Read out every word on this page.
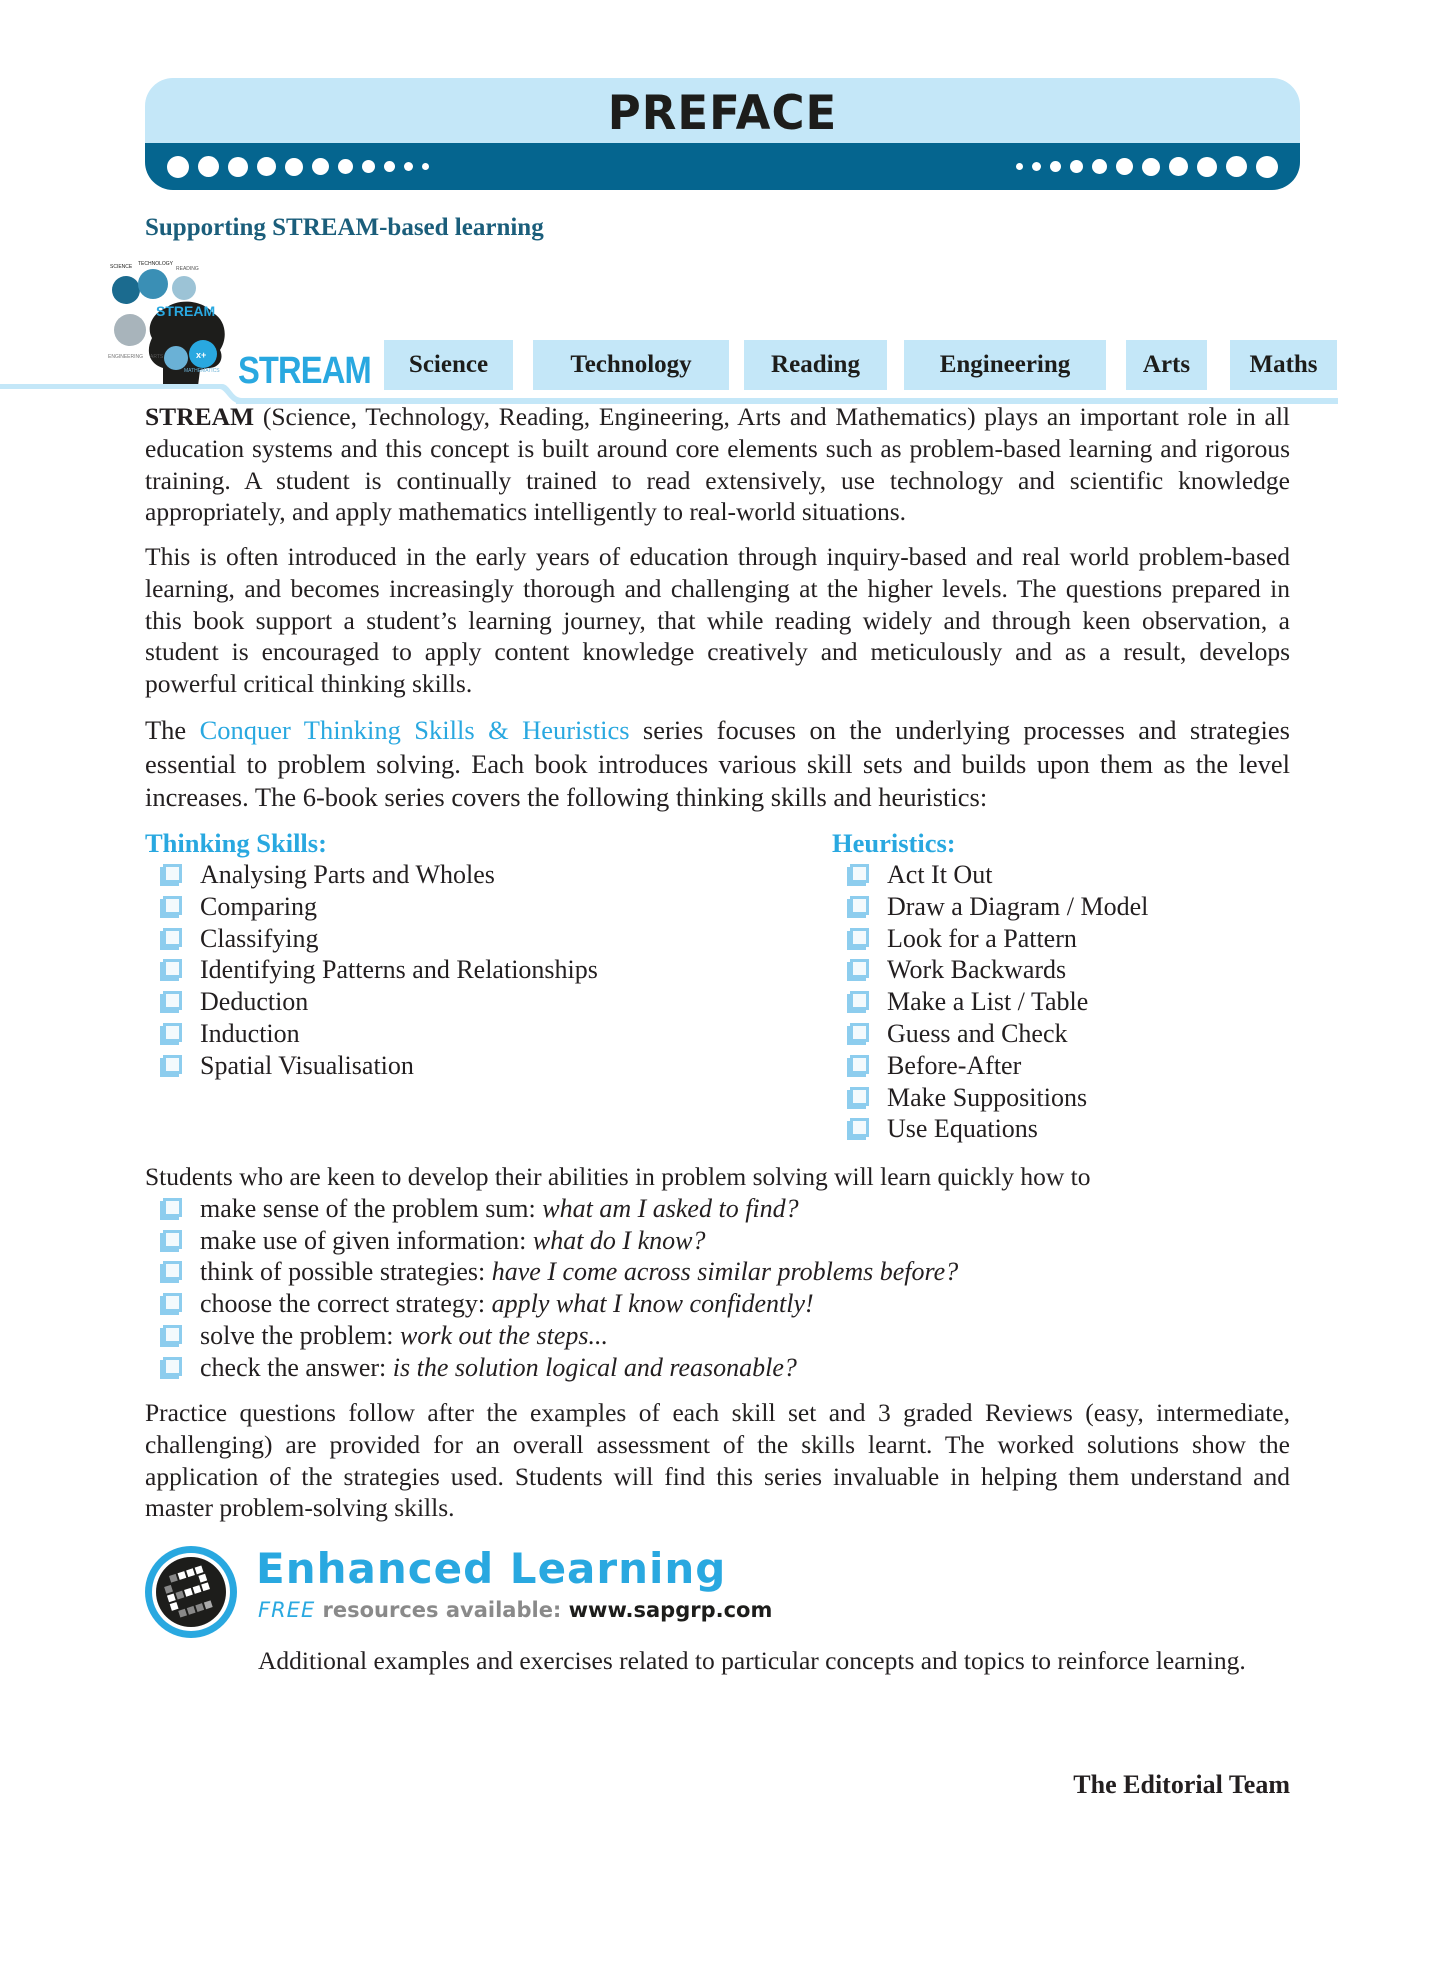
PREFACE
Supporting STREAM-based learning
STREAM
SCIENCE TECHNOLOGY
READING
ENGINEERING ARTS
MATHEMATICS
x+ STREAM	Science	Technology	Reading	Engineering	Arts	Maths
STREAM (Science, Technology, Reading, Engineering, Arts and Mathematics) plays an important role in all education systems and this concept is built around core elements such as problem-based learning and rigorous training. A student is continually trained to read extensively, use technology and scientific knowledge appropriately, and apply mathematics intelligently to real-world situations.
This is often introduced in the early years of education through inquiry-based and real world problem-based learning, and becomes increasingly thorough and challenging at the higher levels. The questions prepared in this book support a student’s learning journey, that while reading widely and through keen observation, a student is encouraged to apply content knowledge creatively and meticulously and as a result, develops powerful critical thinking skills.
The Conquer Thinking Skills & Heuristics series focuses on the underlying processes and strategies essential to problem solving. Each book introduces various skill sets and builds upon them as the level increases. The 6-book series covers the following thinking skills and heuristics:
Thinking Skills:
Analysing Parts and Wholes
Comparing
Classifying
Identifying Patterns and Relationships
Deduction
Induction
Spatial Visualisation
Heuristics:
Act It Out
Draw a Diagram / Model
Look for a Pattern
Work Backwards
Make a List / Table
Guess and Check
Before-After
Make Suppositions
Use Equations
Students who are keen to develop their abilities in problem solving will learn quickly how to
make sense of the problem sum: what am I asked to find?
make use of given information: what do I know?
think of possible strategies: have I come across similar problems before?
choose the correct strategy: apply what I know confidently!
solve the problem: work out the steps...
check the answer: is the solution logical and reasonable?
Practice questions follow after the examples of each skill set and 3 graded Reviews (easy, intermediate, challenging) are provided for an overall assessment of the skills learnt. The worked solutions show the application of the strategies used. Students will find this series invaluable in helping them understand and master problem-solving skills.
Enhanced Learning
FREE resources available: www.sapgrp.com
Additional examples and exercises related to particular concepts and topics to reinforce learning.
The Editorial Team
